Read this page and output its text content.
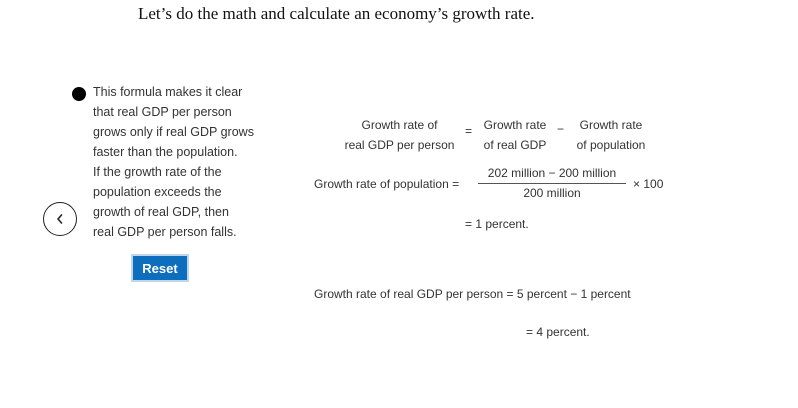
Let’s do the math and calculate an economy’s growth rate.
This formula makes it clear
that real GDP per person
grows only if real GDP grows
faster than the population.
If the growth rate of the
population exceeds the
growth of real GDP, then
real GDP per person falls.
Reset
Growth rate of
real GDP per person
= Growth rate
of real GDP
−	Growth rate
of population
Growth rate of population =
202 million − 200 million
200 million
× 100
= 1 percent.
Growth rate of real GDP per person = 5 percent − 1 percent
= 4 percent.
